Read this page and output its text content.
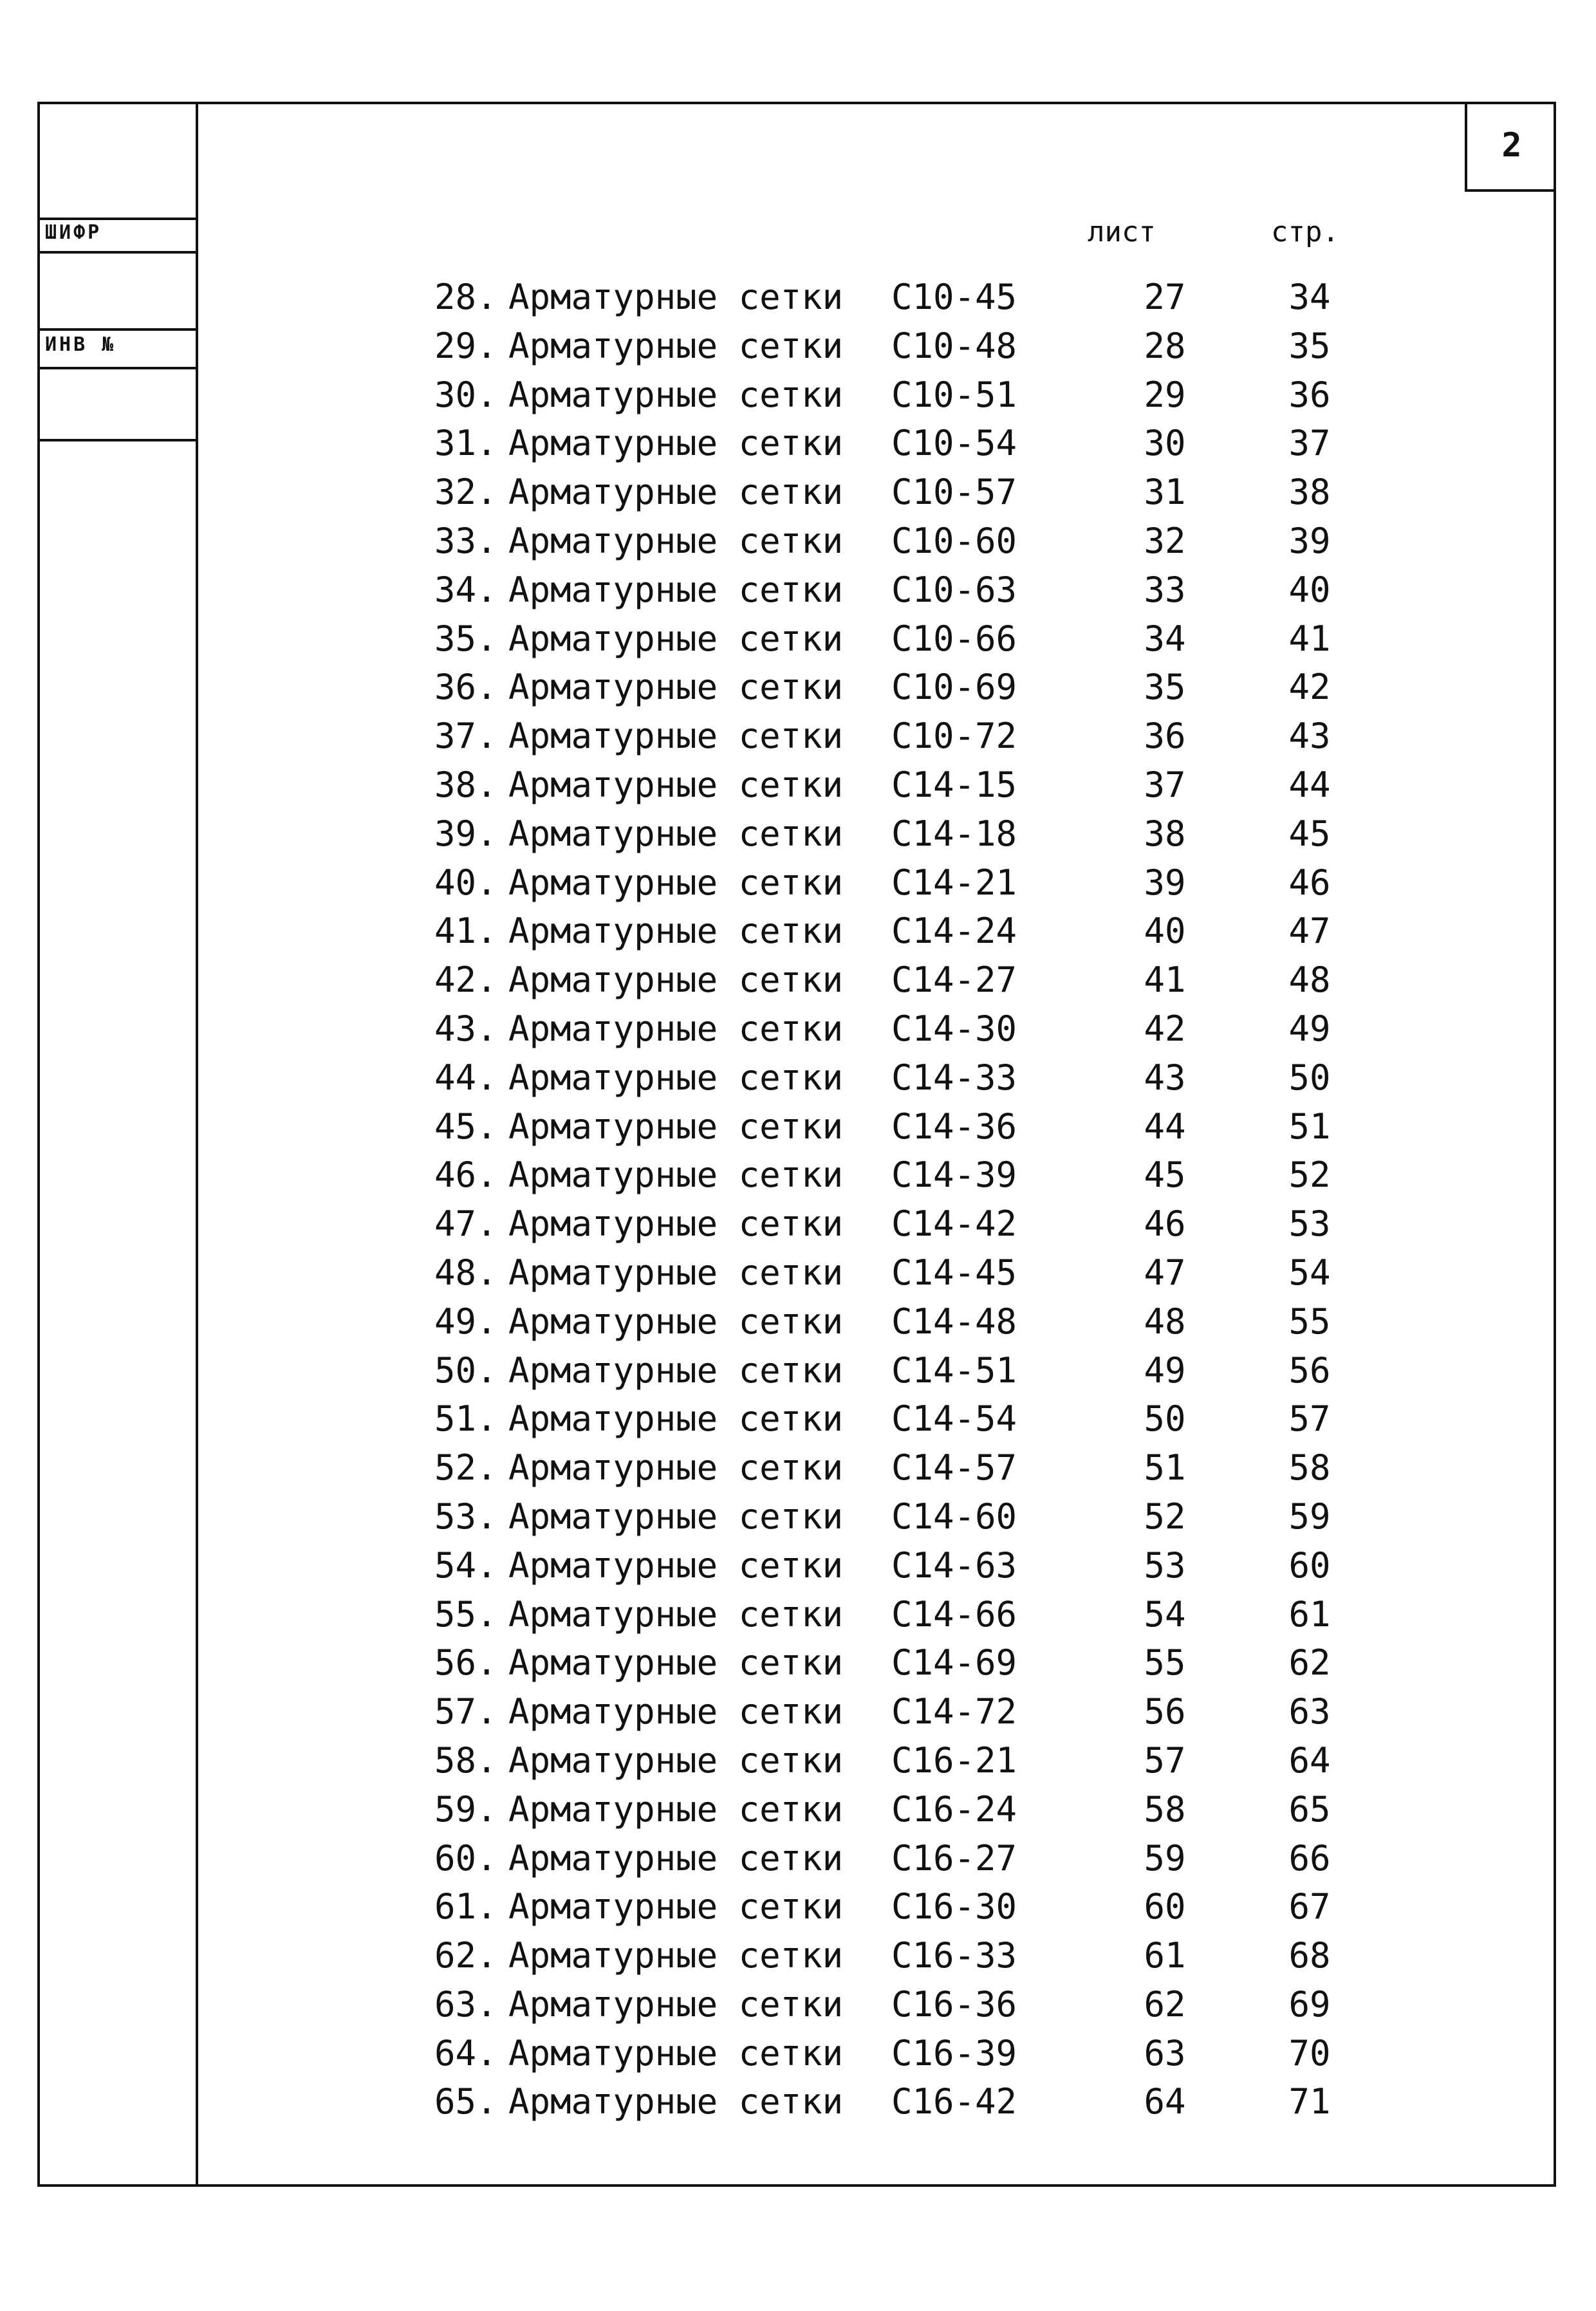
ШИФР
ИНВ №
2
лист	стр.
28. Арматурные сетки С10-45	27	34
29. Арматурные сетки С10-48	28	35
30. Арматурные сетки С10-51	29	36
31. Арматурные сетки С10-54	30	37
32. Арматурные сетки С10-57	31	38
33. Арматурные сетки С10-60	32	39
34. Арматурные сетки С10-63	33	40
35. Арматурные сетки С10-66	34	41
36. Арматурные сетки С10-69	35	42
37. Арматурные сетки С10-72	36	43
38. Арматурные сетки С14-15	37	44
39. Арматурные сетки С14-18	38	45
40. Арматурные сетки С14-21	39	46
41. Арматурные сетки С14-24	40	47
42. Арматурные сетки С14-27	41	48
43. Арматурные сетки С14-30	42	49
44. Арматурные сетки С14-33	43	50
45. Арматурные сетки С14-36	44	51
46. Арматурные сетки С14-39	45	52
47. Арматурные сетки С14-42	46	53
48. Арматурные сетки С14-45	47	54
49. Арматурные сетки С14-48	48	55
50. Арматурные сетки С14-51	49	56
51. Арматурные сетки С14-54	50	57
52. Арматурные сетки С14-57	51	58
53. Арматурные сетки С14-60	52	59
54. Арматурные сетки С14-63	53	60
55. Арматурные сетки С14-66	54	61
56. Арматурные сетки С14-69	55	62
57. Арматурные сетки С14-72	56	63
58. Арматурные сетки С16-21	57	64
59. Арматурные сетки С16-24	58	65
60. Арматурные сетки С16-27	59	66
61. Арматурные сетки С16-30	60	67
62. Арматурные сетки С16-33	61	68
63. Арматурные сетки С16-36	62	69
64. Арматурные сетки С16-39	63	70
65. Арматурные сетки С16-42	64	71
